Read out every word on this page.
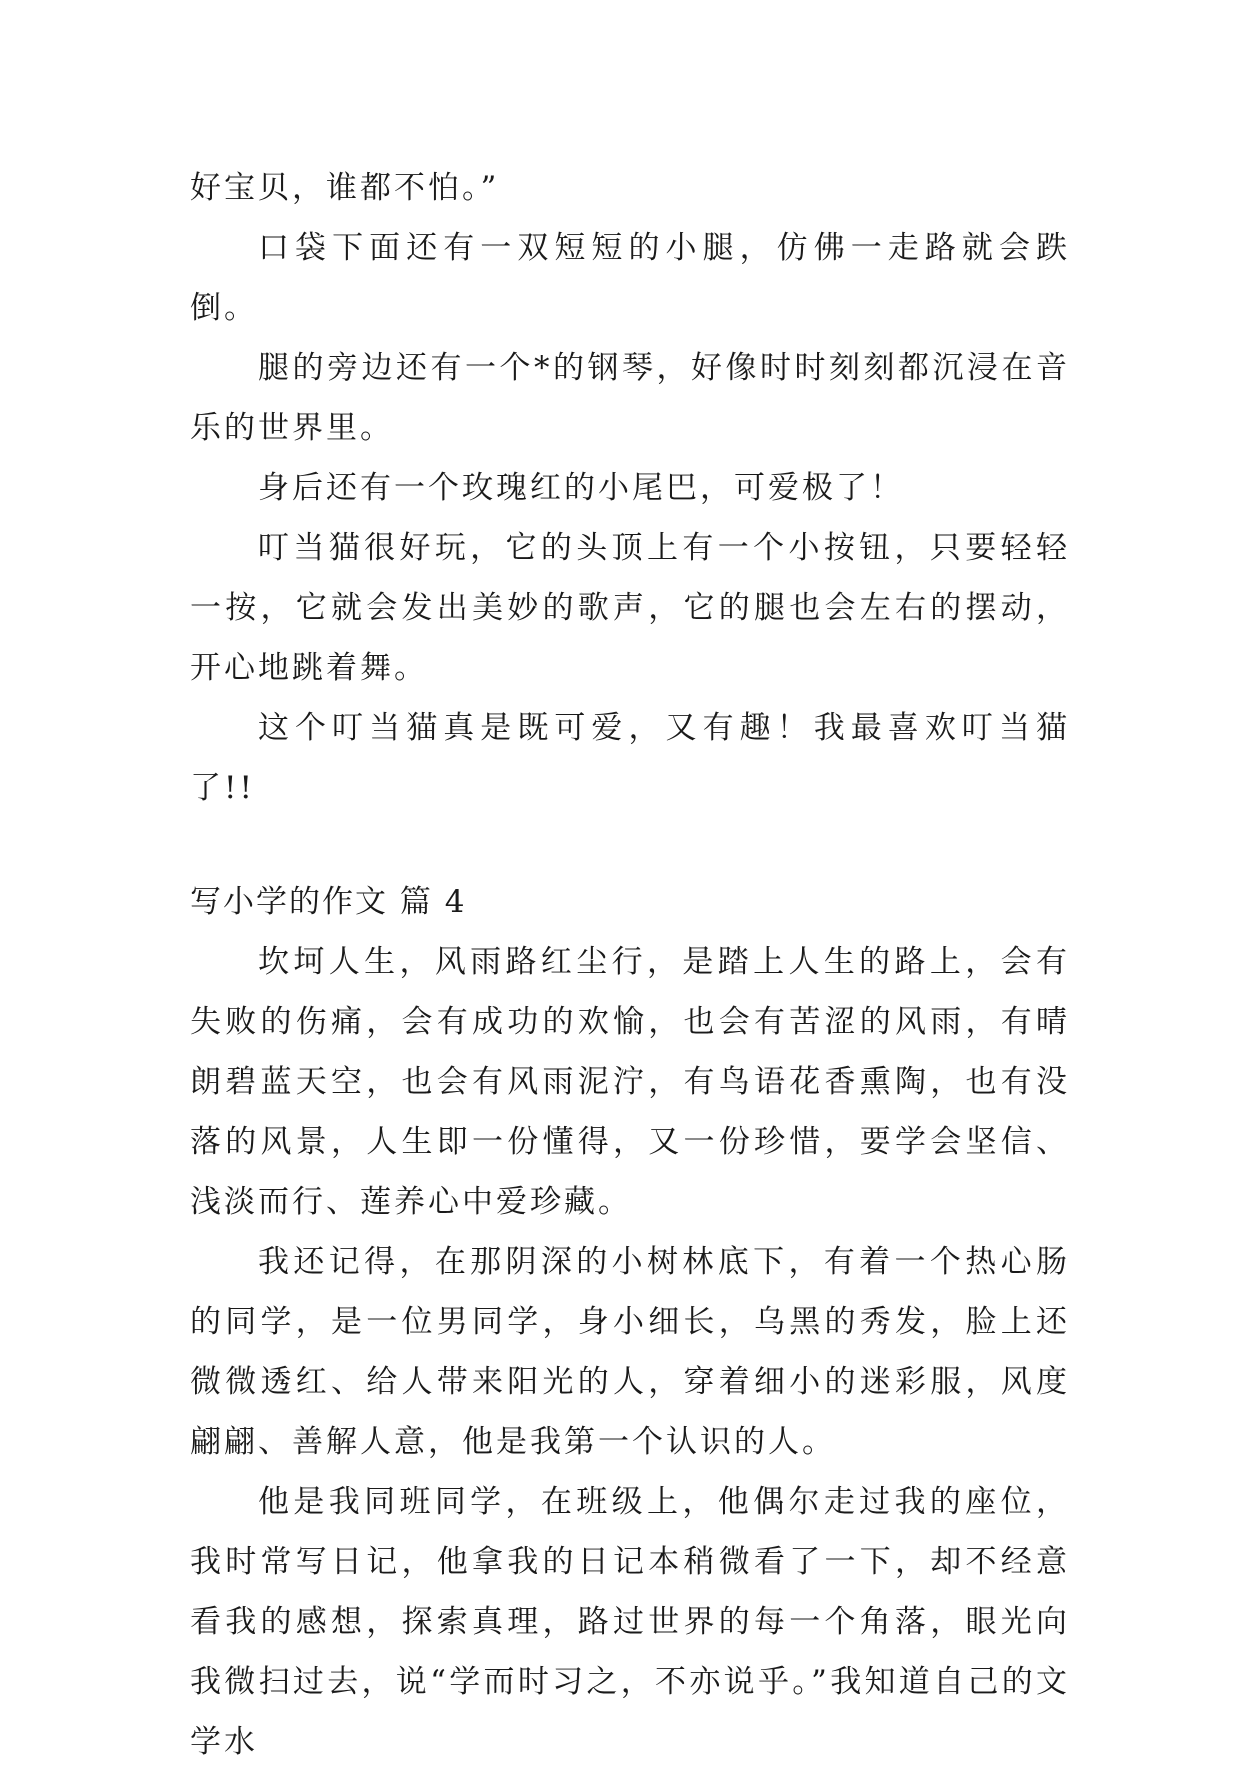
好宝贝，谁都不怕。”

口袋下面还有一双短短的小腿，仿佛一走路就会跌倒。

腿的旁边还有一个*的钢琴，好像时时刻刻都沉浸在音乐的世界里。

身后还有一个玫瑰红的小尾巴，可爱极了！

叮当猫很好玩，它的头顶上有一个小按钮，只要轻轻一按，它就会发出美妙的歌声，它的腿也会左右的摆动，开心地跳着舞。

这个叮当猫真是既可爱，又有趣！我最喜欢叮当猫了!!

写小学的作文 篇 4

坎坷人生，风雨路红尘行，是踏上人生的路上，会有失败的伤痛，会有成功的欢愉，也会有苦涩的风雨，有晴朗碧蓝天空，也会有风雨泥泞，有鸟语花香熏陶，也有没落的风景，人生即一份懂得，又一份珍惜，要学会坚信、浅淡而行、莲养心中爱珍藏。

我还记得，在那阴深的小树林底下，有着一个热心肠的同学，是一位男同学，身小细长，乌黑的秀发，脸上还微微透红、给人带来阳光的人，穿着细小的迷彩服，风度翩翩、善解人意，他是我第一个认识的人。

他是我同班同学，在班级上，他偶尔走过我的座位，我时常写日记，他拿我的日记本稍微看了一下，却不经意看我的感想，探索真理，路过世界的每一个角落，眼光向我微扫过去，说“学而时习之，不亦说乎。”我知道自己的文学水
